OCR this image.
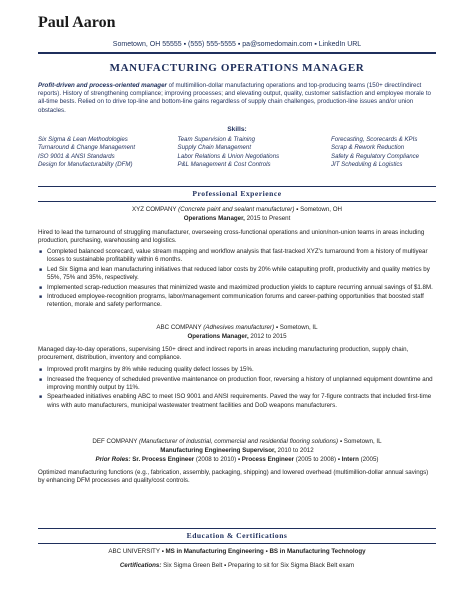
Paul Aaron
Sometown, OH 55555 ▪ (555) 555-5555 ▪ pa@somedomain.com ▪ LinkedIn URL
MANUFACTURING OPERATIONS MANAGER
Profit-driven and process-oriented manager of multimillion-dollar manufacturing operations and top-producing teams (150+ direct/indirect reports). History of strengthening compliance; improving processes; and elevating output, quality, customer satisfaction and employee morale to all-time bests. Relied on to drive top-line and bottom-line gains regardless of supply chain challenges, production-line issues and/or union obstacles.
Skills:
Six Sigma & Lean Methodologies
Turnaround & Change Management
ISO 9001 & ANSI Standards
Design for Manufacturability (DFM)
Team Supervision & Training
Supply Chain Management
Labor Relations & Union Negotiations
P&L Management & Cost Controls
Forecasting, Scorecards & KPIs
Scrap & Rework Reduction
Safety & Regulatory Compliance
JIT Scheduling & Logistics
Professional Experience
XYZ COMPANY (Concrete paint and sealant manufacturer) ▪ Sometown, OH
Operations Manager, 2015 to Present
Hired to lead the turnaround of struggling manufacturer, overseeing cross-functional operations and union/non-union teams in areas including production, purchasing, warehousing and logistics.
■ Completed balanced scorecard, value stream mapping and workflow analysis that fast-tracked XYZ's turnaround from a history of multiyear losses to sustainable profitability within 6 months.
■ Led Six Sigma and lean manufacturing initiatives that reduced labor costs by 20% while catapulting profit, productivity and quality metrics by 55%, 75% and 35%, respectively.
■ Implemented scrap-reduction measures that minimized waste and maximized production yields to capture recurring annual savings of $1.8M.
■ Introduced employee-recognition programs, labor/management communication forums and career-pathing opportunities that boosted staff retention, morale and safety performance.
ABC COMPANY (Adhesives manufacturer) ▪ Sometown, IL
Operations Manager, 2012 to 2015
Managed day-to-day operations, supervising 150+ direct and indirect reports in areas including manufacturing production, supply chain, procurement, distribution, inventory and compliance.
■ Improved profit margins by 8% while reducing quality defect losses by 15%.
■ Increased the frequency of scheduled preventive maintenance on production floor, reversing a history of unplanned equipment downtime and improving monthly output by 11%.
■ Spearheaded initiatives enabling ABC to meet ISO 9001 and ANSI requirements. Paved the way for 7-figure contracts that included first-time wins with auto manufacturers, municipal wastewater treatment facilities and DoD weapons manufacturers.
DEF COMPANY (Manufacturer of industrial, commercial and residential flooring solutions) ▪ Sometown, IL
Manufacturing Engineering Supervisor, 2010 to 2012
Prior Roles: Sr. Process Engineer (2008 to 2010) ▪ Process Engineer (2005 to 2008) ▪ Intern (2005)
Optimized manufacturing functions (e.g., fabrication, assembly, packaging, shipping) and lowered overhead (multimillion-dollar annual savings) by enhancing DFM processes and quality/cost controls.
Education & Certifications
ABC UNIVERSITY ▪ MS in Manufacturing Engineering ▪ BS in Manufacturing Technology
Certifications: Six Sigma Green Belt ▪ Preparing to sit for Six Sigma Black Belt exam
